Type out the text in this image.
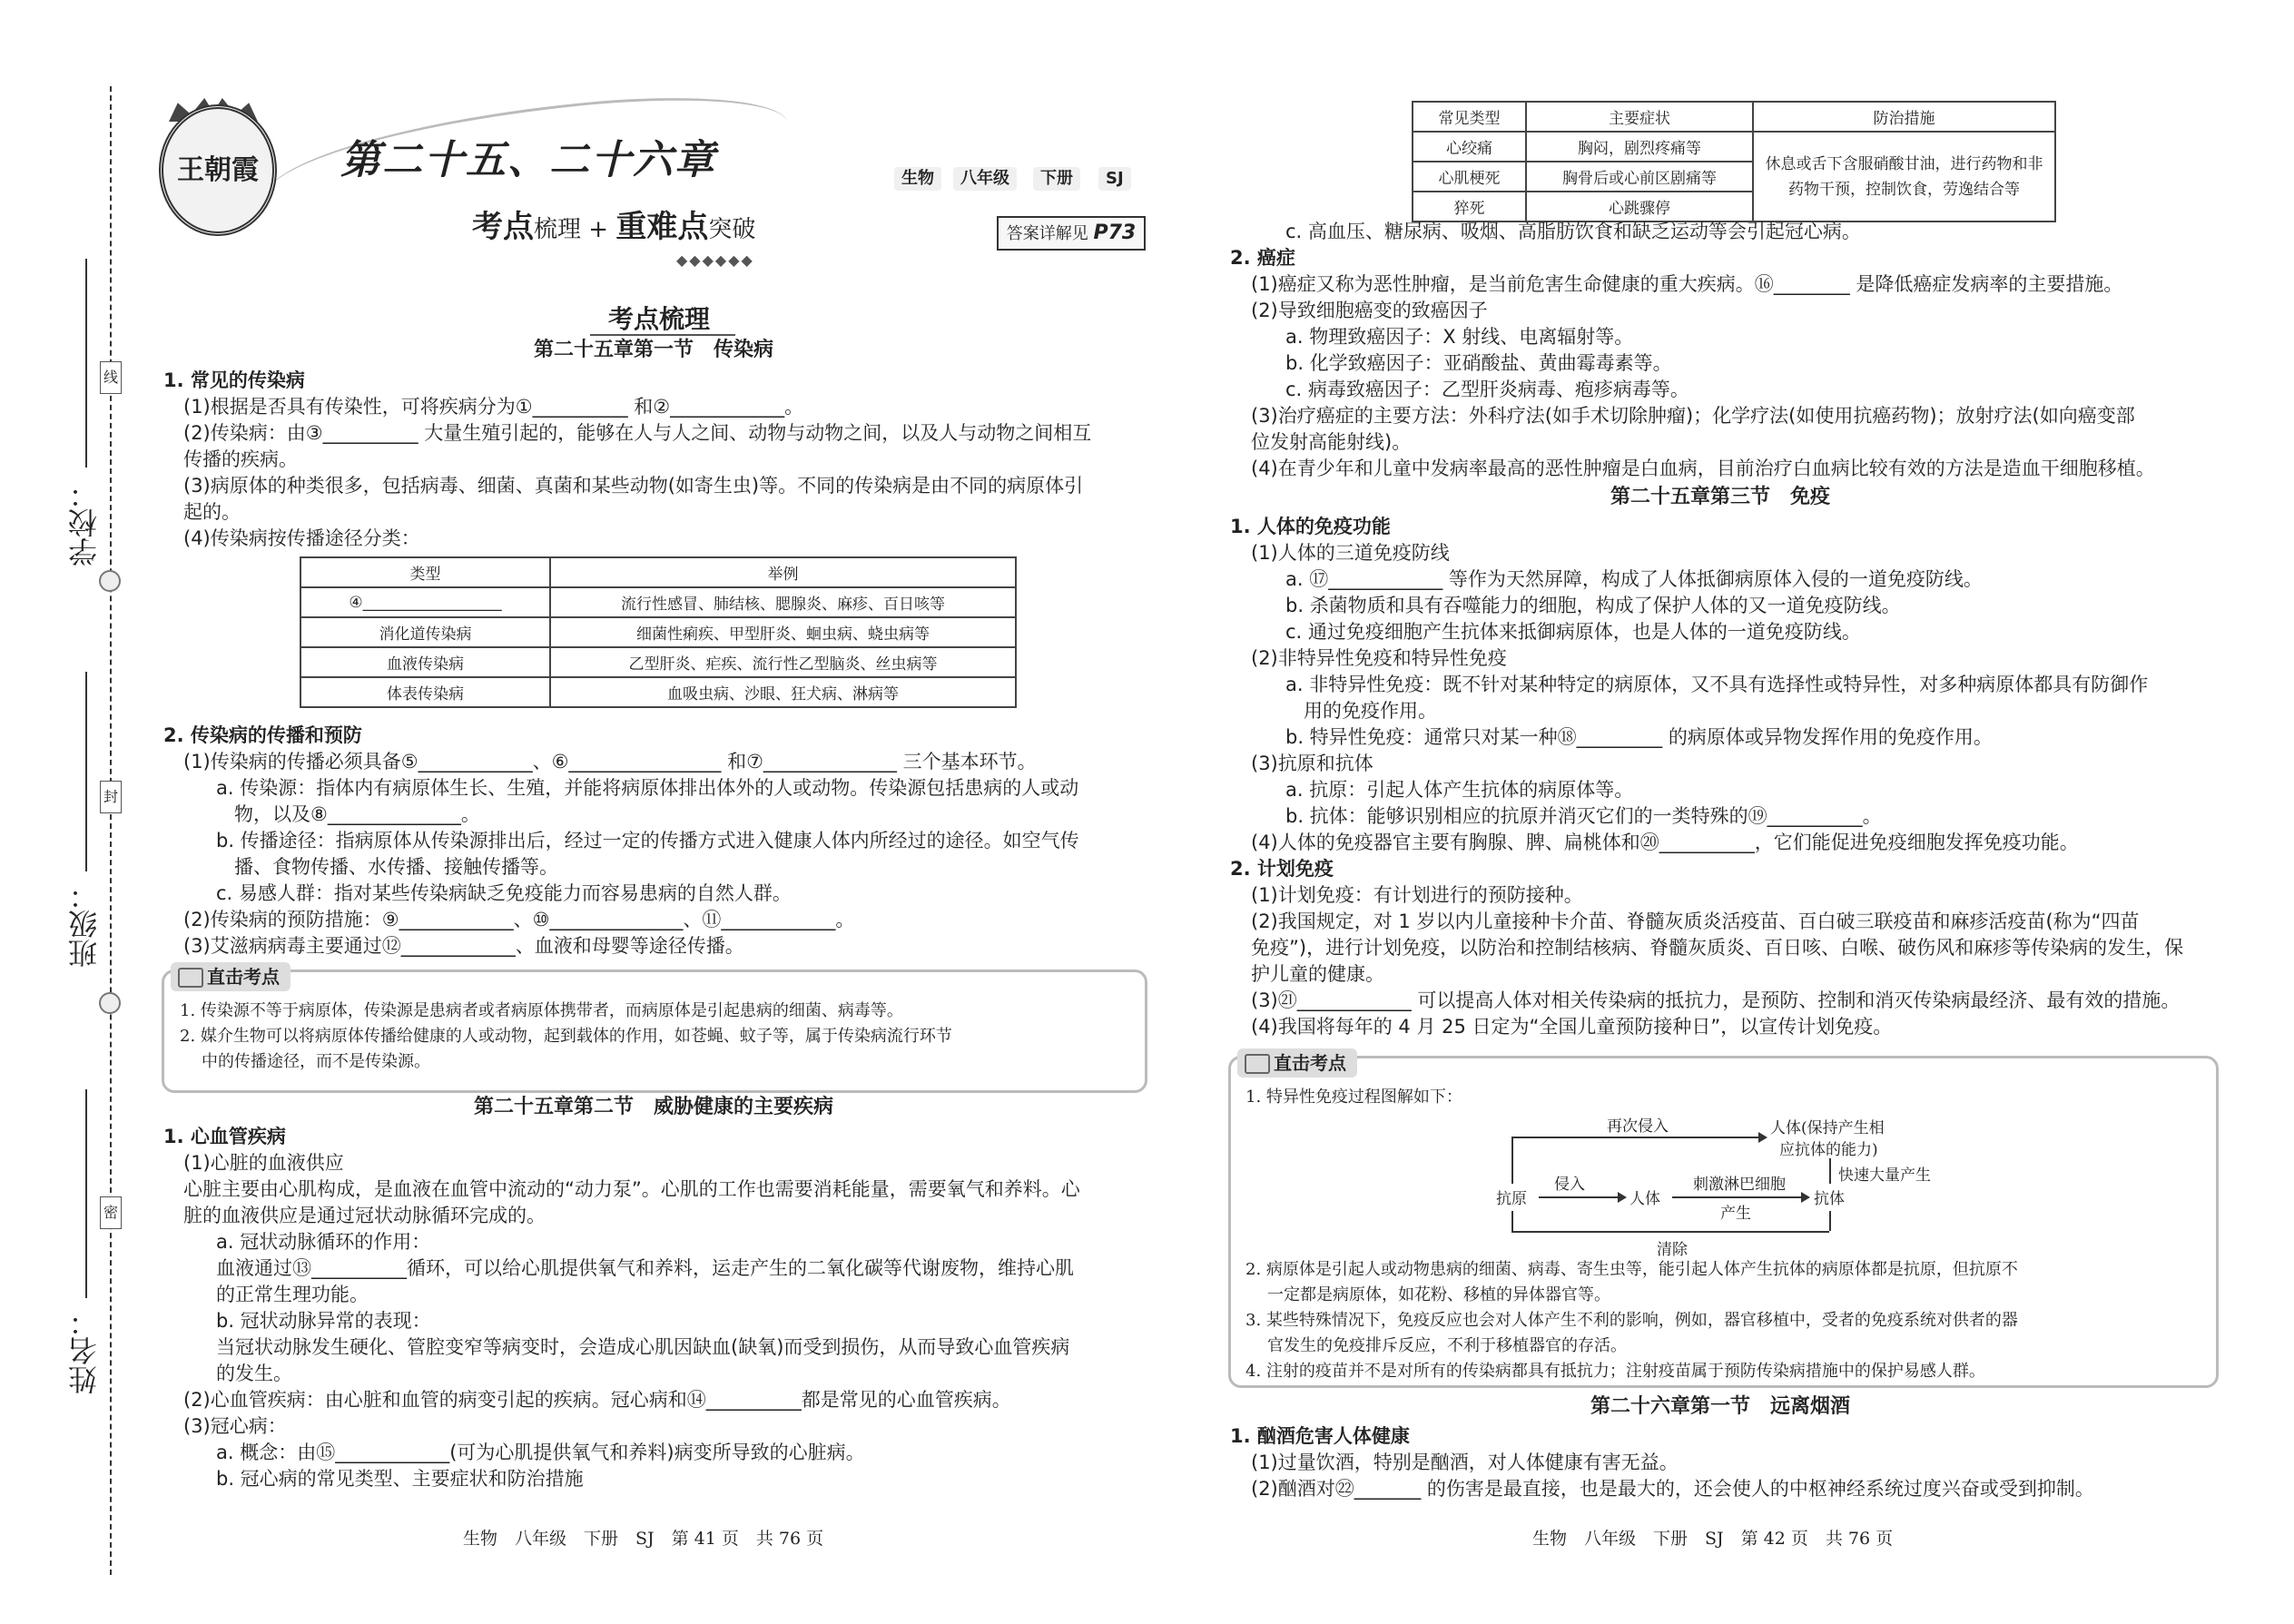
学校：
班级：
姓名：
线
封
密
王朝霞	第二十五、二十六章	生物	八年级	下册	SJ
考点梳理 + 重难点突破
◆◆◆◆◆◆
答案详解见 P73
考点梳理
第二十五章第一节　传染病
1. 常见的传染病
(1)根据是否具有传染性，可将疾病分为①__________ 和②____________。
(2)传染病：由③__________ 大量生殖引起的，能够在人与人之间、动物与动物之间，以及人与动物之间相互
传播的疾病。
(3)病原体的种类很多，包括病毒、细菌、真菌和某些动物(如寄生虫)等。不同的传染病是由不同的病原体引
起的。
(4)传染病按传播途径分类：
类型	举例
④__________________	流行性感冒、肺结核、腮腺炎、麻疹、百日咳等
消化道传染病	细菌性痢疾、甲型肝炎、蛔虫病、蛲虫病等
血液传染病	乙型肝炎、疟疾、流行性乙型脑炎、丝虫病等
体表传染病	血吸虫病、沙眼、狂犬病、淋病等
2. 传染病的传播和预防
(1)传染病的传播必须具备⑤____________、⑥________________ 和⑦______________ 三个基本环节。
a. 传染源：指体内有病原体生长、生殖，并能将病原体排出体外的人或动物。传染源包括患病的人或动
物，以及⑧______________。
b. 传播途径：指病原体从传染源排出后，经过一定的传播方式进入健康人体内所经过的途径。如空气传
播、食物传播、水传播、接触传播等。
c. 易感人群：指对某些传染病缺乏免疫能力而容易患病的自然人群。
(2)传染病的预防措施：⑨____________、⑩______________、⑪____________。
(3)艾滋病病毒主要通过⑫____________、血液和母婴等途径传播。
直击考点
1. 传染源不等于病原体，传染源是患病者或者病原体携带者，而病原体是引起患病的细菌、病毒等。
2. 媒介生物可以将病原体传播给健康的人或动物，起到载体的作用，如苍蝇、蚊子等，属于传染病流行环节
中的传播途径，而不是传染源。
第二十五章第二节　威胁健康的主要疾病
1. 心血管疾病
(1)心脏的血液供应
心脏主要由心肌构成，是血液在血管中流动的“动力泵”。心肌的工作也需要消耗能量，需要氧气和养料。心
脏的血液供应是通过冠状动脉循环完成的。
a. 冠状动脉循环的作用：
血液通过⑬__________循环，可以给心肌提供氧气和养料，运走产生的二氧化碳等代谢废物，维持心肌
的正常生理功能。
b. 冠状动脉异常的表现：
当冠状动脉发生硬化、管腔变窄等病变时，会造成心肌因缺血(缺氧)而受到损伤，从而导致心血管疾病
的发生。
(2)心血管疾病：由心脏和血管的病变引起的疾病。冠心病和⑭__________都是常见的心血管疾病。
(3)冠心病：
a. 概念：由⑮____________(可为心肌提供氧气和养料)病变所导致的心脏病。
b. 冠心病的常见类型、主要症状和防治措施
生物　八年级　下册　SJ　第 41 页　共 76 页
常见类型	主要症状	防治措施
心绞痛	胸闷，剧烈疼痛等	休息或舌下含服硝酸甘油，进行药物和非药物干预，控制饮食，劳逸结合等
心肌梗死	胸骨后或心前区剧痛等	
猝死	心跳骤停	
c. 高血压、糖尿病、吸烟、高脂肪饮食和缺乏运动等会引起冠心病。
2. 癌症
(1)癌症又称为恶性肿瘤，是当前危害生命健康的重大疾病。⑯________ 是降低癌症发病率的主要措施。
(2)导致细胞癌变的致癌因子
a. 物理致癌因子：X 射线、电离辐射等。
b. 化学致癌因子：亚硝酸盐、黄曲霉毒素等。
c. 病毒致癌因子：乙型肝炎病毒、疱疹病毒等。
(3)治疗癌症的主要方法：外科疗法(如手术切除肿瘤)；化学疗法(如使用抗癌药物)；放射疗法(如向癌变部
位发射高能射线)。
(4)在青少年和儿童中发病率最高的恶性肿瘤是白血病，目前治疗白血病比较有效的方法是造血干细胞移植。
第二十五章第三节　免疫
1. 人体的免疫功能
(1)人体的三道免疫防线
a. ⑰____________ 等作为天然屏障，构成了人体抵御病原体入侵的一道免疫防线。
b. 杀菌物质和具有吞噬能力的细胞，构成了保护人体的又一道免疫防线。
c. 通过免疫细胞产生抗体来抵御病原体，也是人体的一道免疫防线。
(2)非特异性免疫和特异性免疫
a. 非特异性免疫：既不针对某种特定的病原体，又不具有选择性或特异性，对多种病原体都具有防御作
用的免疫作用。
b. 特异性免疫：通常只对某一种⑱_________ 的病原体或异物发挥作用的免疫作用。
(3)抗原和抗体
a. 抗原：引起人体产生抗体的病原体等。
b. 抗体：能够识别相应的抗原并消灭它们的一类特殊的⑲__________。
(4)人体的免疫器官主要有胸腺、脾、扁桃体和⑳__________，它们能促进免疫细胞发挥免疫功能。
2. 计划免疫
(1)计划免疫：有计划进行的预防接种。
(2)我国规定，对 1 岁以内儿童接种卡介苗、脊髓灰质炎活疫苗、百白破三联疫苗和麻疹活疫苗(称为“四苗
免疫”)，进行计划免疫，以防治和控制结核病、脊髓灰质炎、百日咳、白喉、破伤风和麻疹等传染病的发生，保
护儿童的健康。
(3)㉑____________ 可以提高人体对相关传染病的抵抗力，是预防、控制和消灭传染病最经济、最有效的措施。
(4)我国将每年的 4 月 25 日定为“全国儿童预防接种日”，以宣传计划免疫。
直击考点
1. 特异性免疫过程图解如下：
抗原
侵入
人体
刺激淋巴细胞
产生
抗体
再次侵入	人体(保持产生相
应抗体的能力)
快速大量产生
清除
2. 病原体是引起人或动物患病的细菌、病毒、寄生虫等，能引起人体产生抗体的病原体都是抗原，但抗原不
一定都是病原体，如花粉、移植的异体器官等。
3. 某些特殊情况下，免疫反应也会对人体产生不利的影响，例如，器官移植中，受者的免疫系统对供者的器
官发生的免疫排斥反应，不利于移植器官的存活。
4. 注射的疫苗并不是对所有的传染病都具有抵抗力；注射疫苗属于预防传染病措施中的保护易感人群。
第二十六章第一节　远离烟酒
1. 酗酒危害人体健康
(1)过量饮酒，特别是酗酒，对人体健康有害无益。
(2)酗酒对㉒_______ 的伤害是最直接，也是最大的，还会使人的中枢神经系统过度兴奋或受到抑制。
生物　八年级　下册　SJ　第 42 页　共 76 页
